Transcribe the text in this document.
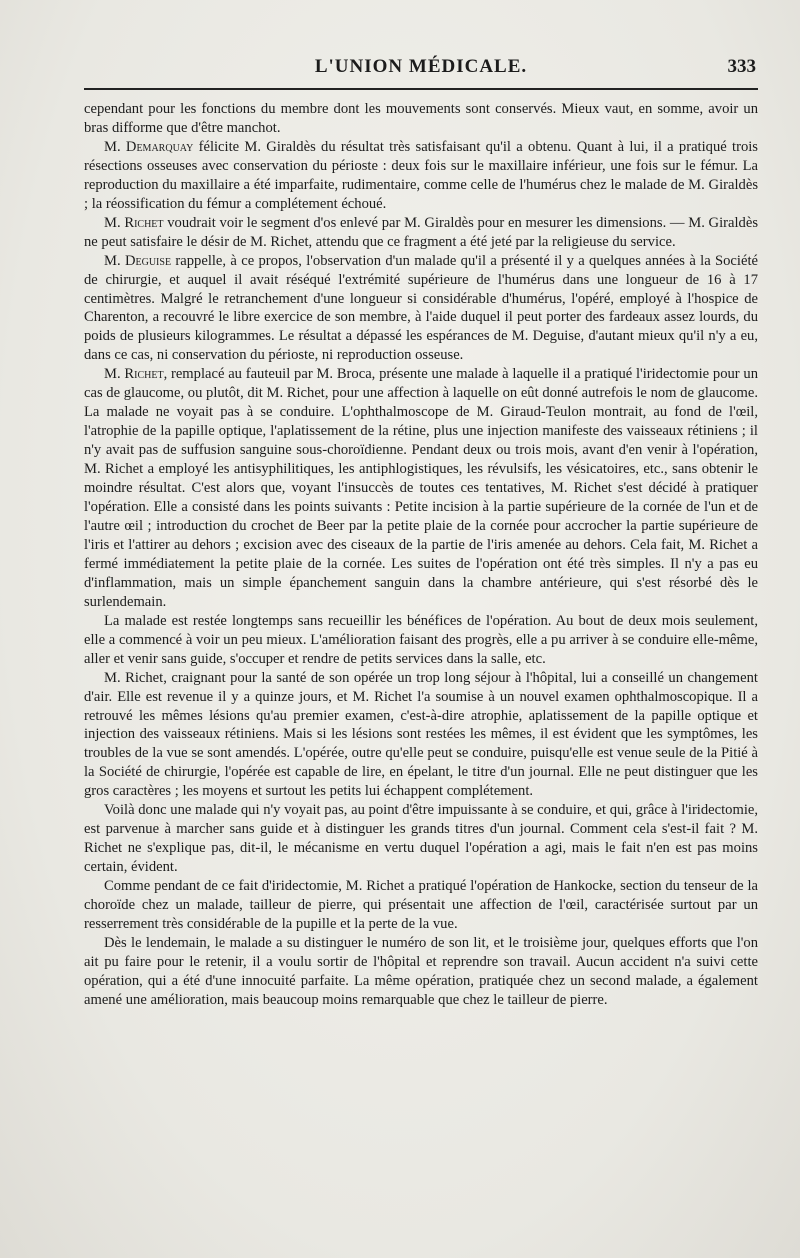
L'UNION MÉDICALE.	333

cependant pour les fonctions du membre dont les mouvements sont conservés. Mieux vaut, en somme, avoir un bras difforme que d'être manchot.

M. Demarquay félicite M. Giraldès du résultat très satisfaisant qu'il a obtenu. Quant à lui, il a pratiqué trois résections osseuses avec conservation du périoste : deux fois sur le maxillaire inférieur, une fois sur le fémur. La reproduction du maxillaire a été imparfaite, rudimentaire, comme celle de l'humérus chez le malade de M. Giraldès ; la réossification du fémur a complétement échoué.

M. Richet voudrait voir le segment d'os enlevé par M. Giraldès pour en mesurer les dimensions. — M. Giraldès ne peut satisfaire le désir de M. Richet, attendu que ce fragment a été jeté par la religieuse du service.

M. Deguise rappelle, à ce propos, l'observation d'un malade qu'il a présenté il y a quelques années à la Société de chirurgie, et auquel il avait réséqué l'extrémité supérieure de l'humérus dans une longueur de 16 à 17 centimètres. Malgré le retranchement d'une longueur si considérable d'humérus, l'opéré, employé à l'hospice de Charenton, a recouvré le libre exercice de son membre, à l'aide duquel il peut porter des fardeaux assez lourds, du poids de plusieurs kilogrammes. Le résultat a dépassé les espérances de M. Deguise, d'autant mieux qu'il n'y a eu, dans ce cas, ni conservation du périoste, ni reproduction osseuse.

M. Richet, remplacé au fauteuil par M. Broca, présente une malade à laquelle il a pratiqué l'iridectomie pour un cas de glaucome, ou plutôt, dit M. Richet, pour une affection à laquelle on eût donné autrefois le nom de glaucome. La malade ne voyait pas à se conduire. L'ophthalmoscope de M. Giraud-Teulon montrait, au fond de l'œil, l'atrophie de la papille optique, l'aplatissement de la rétine, plus une injection manifeste des vaisseaux rétiniens ; il n'y avait pas de suffusion sanguine sous-choroïdienne. Pendant deux ou trois mois, avant d'en venir à l'opération, M. Richet a employé les antisyphilitiques, les antiphlogistiques, les révulsifs, les vésicatoires, etc., sans obtenir le moindre résultat. C'est alors que, voyant l'insuccès de toutes ces tentatives, M. Richet s'est décidé à pratiquer l'opération. Elle a consisté dans les points suivants : Petite incision à la partie supérieure de la cornée de l'un et de l'autre œil ; introduction du crochet de Beer par la petite plaie de la cornée pour accrocher la partie supérieure de l'iris et l'attirer au dehors ; excision avec des ciseaux de la partie de l'iris amenée au dehors. Cela fait, M. Richet a fermé immédiatement la petite plaie de la cornée. Les suites de l'opération ont été très simples. Il n'y a pas eu d'inflammation, mais un simple épanchement sanguin dans la chambre antérieure, qui s'est résorbé dès le surlendemain.

La malade est restée longtemps sans recueillir les bénéfices de l'opération. Au bout de deux mois seulement, elle a commencé à voir un peu mieux. L'amélioration faisant des progrès, elle a pu arriver à se conduire elle-même, aller et venir sans guide, s'occuper et rendre de petits services dans la salle, etc.

M. Richet, craignant pour la santé de son opérée un trop long séjour à l'hôpital, lui a conseillé un changement d'air. Elle est revenue il y a quinze jours, et M. Richet l'a soumise à un nouvel examen ophthalmoscopique. Il a retrouvé les mêmes lésions qu'au premier examen, c'est-à-dire atrophie, aplatissement de la papille optique et injection des vaisseaux rétiniens. Mais si les lésions sont restées les mêmes, il est évident que les symptômes, les troubles de la vue se sont amendés. L'opérée, outre qu'elle peut se conduire, puisqu'elle est venue seule de la Pitié à la Société de chirurgie, l'opérée est capable de lire, en épelant, le titre d'un journal. Elle ne peut distinguer que les gros caractères ; les moyens et surtout les petits lui échappent complétement.

Voilà donc une malade qui n'y voyait pas, au point d'être impuissante à se conduire, et qui, grâce à l'iridectomie, est parvenue à marcher sans guide et à distinguer les grands titres d'un journal. Comment cela s'est-il fait ? M. Richet ne s'explique pas, dit-il, le mécanisme en vertu duquel l'opération a agi, mais le fait n'en est pas moins certain, évident.

Comme pendant de ce fait d'iridectomie, M. Richet a pratiqué l'opération de Hankocke, section du tenseur de la choroïde chez un malade, tailleur de pierre, qui présentait une affection de l'œil, caractérisée surtout par un resserrement très considérable de la pupille et la perte de la vue.

Dès le lendemain, le malade a su distinguer le numéro de son lit, et le troisième jour, quelques efforts que l'on ait pu faire pour le retenir, il a voulu sortir de l'hôpital et reprendre son travail. Aucun accident n'a suivi cette opération, qui a été d'une innocuité parfaite. La même opération, pratiquée chez un second malade, a également amené une amélioration, mais beaucoup moins remarquable que chez le tailleur de pierre.
